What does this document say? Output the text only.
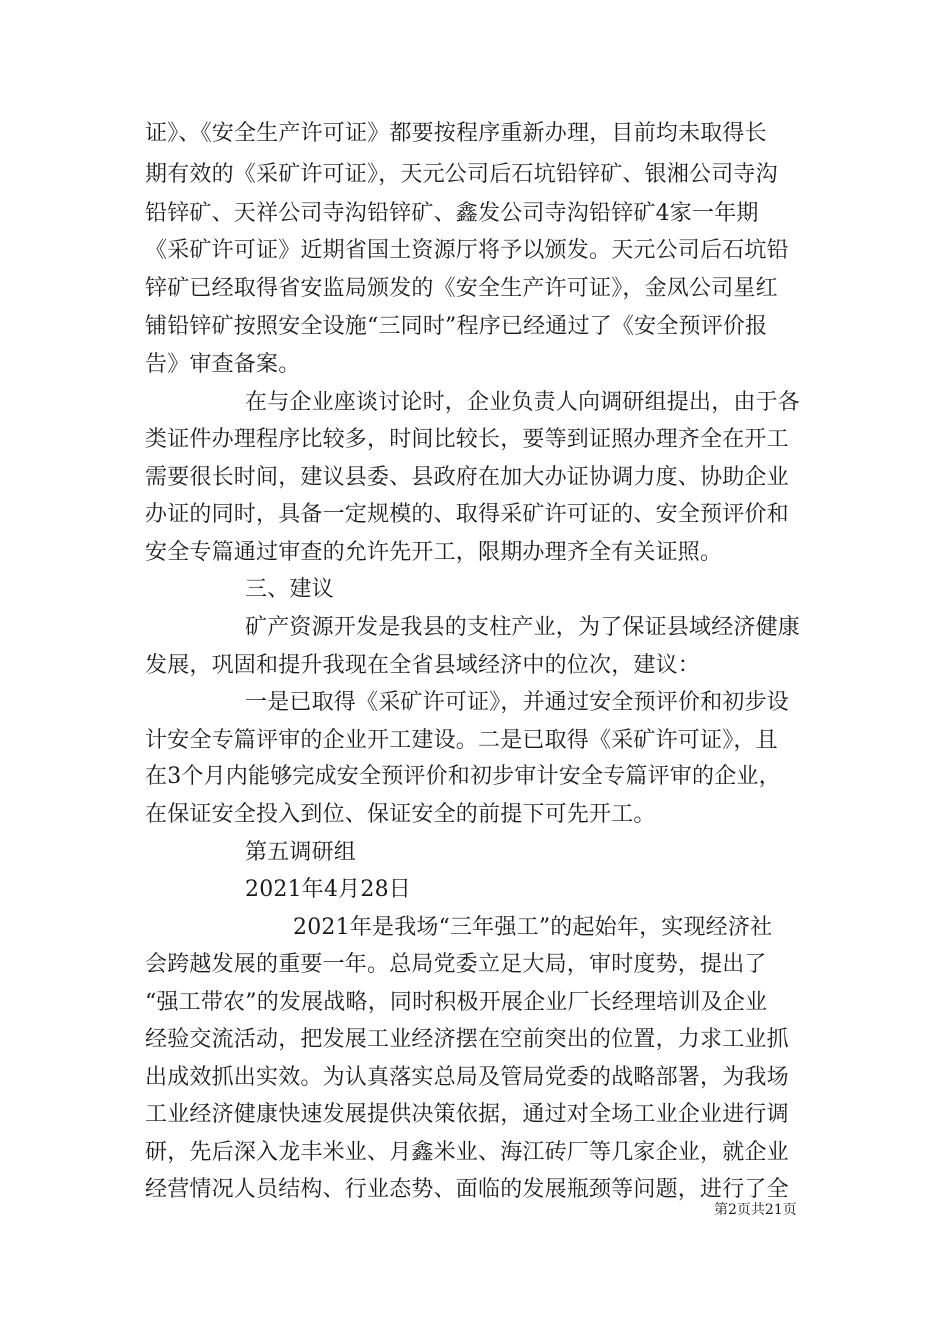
证》、《安全生产许可证》都要按程序重新办理，目前均未取得长
期有效的《采矿许可证》，天元公司后石坑铅锌矿、银湘公司寺沟
铅锌矿、天祥公司寺沟铅锌矿、鑫发公司寺沟铅锌矿4家一年期
《采矿许可证》近期省国土资源厅将予以颁发。天元公司后石坑铅
锌矿已经取得省安监局颁发的《安全生产许可证》，金凤公司星红
铺铅锌矿按照安全设施“三同时”程序已经通过了《安全预评价报
告》审查备案。
在与企业座谈讨论时，企业负责人向调研组提出，由于各
类证件办理程序比较多，时间比较长，要等到证照办理齐全在开工
需要很长时间，建议县委、县政府在加大办证协调力度、协助企业
办证的同时，具备一定规模的、取得采矿许可证的、安全预评价和
安全专篇通过审查的允许先开工，限期办理齐全有关证照。
三、建议
矿产资源开发是我县的支柱产业，为了保证县域经济健康
发展，巩固和提升我现在全省县域经济中的位次，建议：
一是已取得《采矿许可证》，并通过安全预评价和初步设
计安全专篇评审的企业开工建设。二是已取得《采矿许可证》，且
在3个月内能够完成安全预评价和初步审计安全专篇评审的企业，
在保证安全投入到位、保证安全的前提下可先开工。
第五调研组
2021年4月28日
2021年是我场“三年强工”的起始年，实现经济社
会跨越发展的重要一年。总局党委立足大局，审时度势，提出了
“强工带农”的发展战略，同时积极开展企业厂长经理培训及企业
经验交流活动，把发展工业经济摆在空前突出的位置，力求工业抓
出成效抓出实效。为认真落实总局及管局党委的战略部署，为我场
工业经济健康快速发展提供决策依据，通过对全场工业企业进行调
研，先后深入龙丰米业、月鑫米业、海江砖厂等几家企业，就企业
经营情况人员结构、行业态势、面临的发展瓶颈等问题，进行了全
第2页共21页
